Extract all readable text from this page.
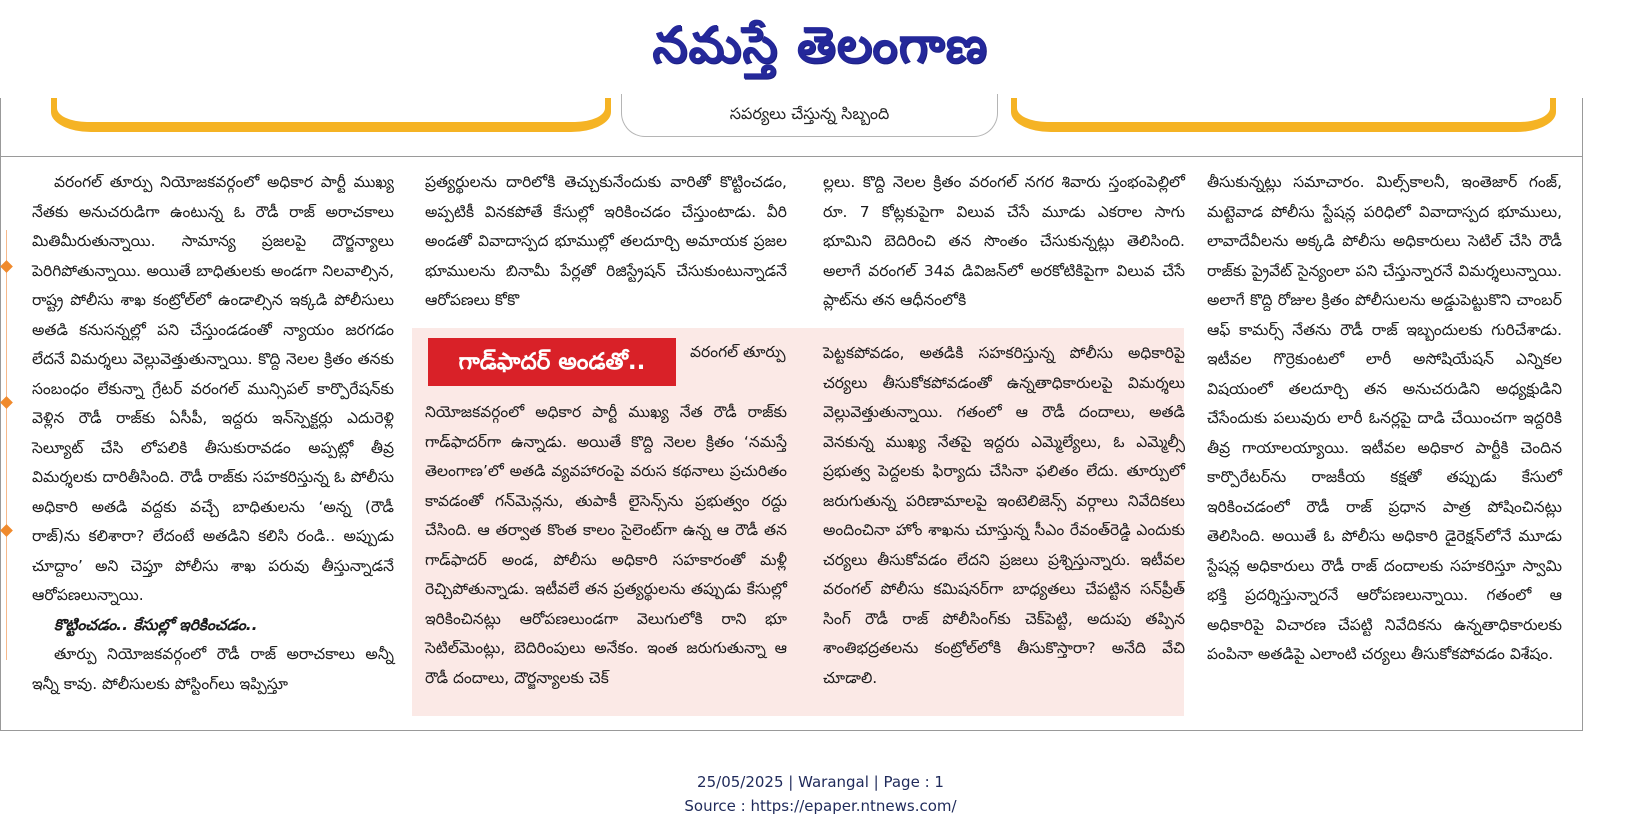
నమస్తే తెలంగాణ
సపర్యలు చేస్తున్న సిబ్బంది

వరంగల్ తూర్పు నియోజకవర్గంలో అధికార పార్టీ ముఖ్య నేతకు అనుచరుడిగా ఉంటున్న ఓ రౌడీ రాజ్ అరాచకాలు మితిమీరుతున్నాయి. సామాన్య ప్రజలపై దౌర్జన్యాలు పెరిగిపోతున్నాయి. అయితే బాధితులకు అండగా నిలవాల్సిన, రాష్ట్ర పోలీసు శాఖ కంట్రోల్‌లో ఉండాల్సిన ఇక్కడి పోలీసులు అతడి కనుసన్నల్లో పని చేస్తుండడంతో న్యాయం జరగడం లేదనే విమర్శలు వెల్లువెత్తుతున్నాయి. కొద్ది నెలల క్రితం తనకు సంబంధం లేకున్నా గ్రేటర్ వరంగల్ మున్సిపల్ కార్పొరేషన్‌కు వెళ్లిన రౌడీ రాజ్‌కు ఏసీపీ, ఇద్దరు ఇన్‌స్పెక్టర్లు ఎదురెళ్లి సెల్యూట్ చేసి లోపలికి తీసుకురావడం అప్పట్లో తీవ్ర విమర్శలకు దారితీసింది. రౌడీ రాజ్‌కు సహకరిస్తున్న ఓ పోలీసు అధికారి అతడి వద్దకు వచ్చే బాధితులను ‘అన్న (రౌడీ రాజ్)ను కలిశారా? లేదంటే అతడిని కలిసి రండి.. అప్పుడు చూద్దాం’ అని చెప్తూ పోలీసు శాఖ పరువు తీస్తున్నాడనే ఆరోపణలున్నాయి.

కొట్టించడం.. కేసుల్లో ఇరికించడం..

తూర్పు నియోజకవర్గంలో రౌడీ రాజ్ అరాచకాలు అన్నీ ఇన్నీ కావు. పోలీసులకు పోస్టింగ్‌లు ఇప్పిస్తూ

ప్రత్యర్థులను దారిలోకి తెచ్చుకునేందుకు వారితో కొట్టించడం, అప్పటికీ వినకపోతే కేసుల్లో ఇరికించడం చేస్తుంటాడు. వీరి అండతో వివాదాస్పద భూముల్లో తలదూర్చి అమాయక ప్రజల భూములను బినామీ పేర్లతో రిజిస్ట్రేషన్ చేసుకుంటున్నాడనే ఆరోపణలు కోకొ

ల్లలు. కొద్ది నెలల క్రితం వరంగల్ నగర శివారు స్తంభంపెల్లిలో రూ. 7 కోట్లకుపైగా విలువ చేసే మూడు ఎకరాల సాగు భూమిని బెదిరించి తన సొంతం చేసుకున్నట్లు తెలిసింది. అలాగే వరంగల్ 34వ డివిజన్‌లో అరకోటికిపైగా విలువ చేసే ప్లాట్‌ను తన ఆధీనంలోకి

తీసుకున్నట్లు సమాచారం. మిల్స్‌కాలనీ, ఇంతెజార్ గంజ్, మట్టెవాడ పోలీసు స్టేషన్ల పరిధిలో వివాదాస్పద భూములు, లావాదేవీలను అక్కడి పోలీసు అధికారులు సెటిల్ చేసి రౌడీ రాజ్‌కు ప్రైవేట్ సైన్యంలా పని చేస్తున్నారనే విమర్శలున్నాయి. అలాగే కొద్ది రోజుల క్రితం పోలీసులను అడ్డుపెట్టుకొని చాంబర్ ఆఫ్ కామర్స్ నేతను రౌడీ రాజ్ ఇబ్బందులకు గురిచేశాడు. ఇటీవల గొర్రెకుంటలో లారీ అసోషియేషన్ ఎన్నికల విషయంలో తలదూర్చి తన అనుచరుడిని అధ్యక్షుడిని చేసేందుకు పలువురు లారీ ఓనర్లపై దాడి చేయించగా ఇద్దరికి తీవ్ర గాయాలయ్యాయి. ఇటీవల అధికార పార్టీకి చెందిన కార్పొరేటర్‌ను రాజకీయ కక్షతో తప్పుడు కేసులో ఇరికించడంలో రౌడీ రాజ్ ప్రధాన పాత్ర పోషించినట్లు తెలిసింది. అయితే ఓ పోలీసు అధికారి డైరెక్షన్‌లోనే మూడు స్టేషన్ల అధికారులు రౌడీ రాజ్ దందాలకు సహకరిస్తూ స్వామి భక్తి ప్రదర్శిస్తున్నారనే ఆరోపణలున్నాయి. గతంలో ఆ అధికారిపై విచారణ చేపట్టి నివేదికను ఉన్నతాధికారులకు పంపినా అతడిపై ఎలాంటి చర్యలు తీసుకోకపోవడం విశేషం.

గాడ్‌ఫాదర్ అండతో..	వరంగల్ తూర్పు

నియోజకవర్గంలో అధికార పార్టీ ముఖ్య నేత రౌడీ రాజ్‌కు గాడ్‌ఫాదర్‌గా ఉన్నాడు. అయితే కొద్ది నెలల క్రితం ‘నమస్తే తెలంగాణ’లో అతడి వ్యవహారంపై వరుస కథనాలు ప్రచురితం కావడంతో గన్‌మెన్లను, తుపాకీ లైసెన్స్‌ను ప్రభుత్వం రద్దు చేసింది. ఆ తర్వాత కొంత కాలం సైలెంట్‌గా ఉన్న ఆ రౌడీ తన గాడ్‌ఫాదర్ అండ, పోలీసు అధికారి సహకారంతో మళ్లీ రెచ్చిపోతున్నాడు. ఇటీవలే తన ప్రత్యర్థులను తప్పుడు కేసుల్లో ఇరికించినట్లు ఆరోపణలుండగా వెలుగులోకి రాని భూ సెటిల్‌మెంట్లు, బెదిరింపులు అనేకం. ఇంత జరుగుతున్నా ఆ రౌడీ దందాలు, దౌర్జన్యాలకు చెక్

పెట్టకపోవడం, అతడికి సహకరిస్తున్న పోలీసు అధికారిపై చర్యలు తీసుకోకపోవడంతో ఉన్నతాధికారులపై విమర్శలు వెల్లువెత్తుతున్నాయి. గతంలో ఆ రౌడీ దందాలు, అతడి వెనకున్న ముఖ్య నేతపై ఇద్దరు ఎమ్మెల్యేలు, ఓ ఎమ్మెల్సీ ప్రభుత్వ పెద్దలకు ఫిర్యాదు చేసినా ఫలితం లేదు. తూర్పులో జరుగుతున్న పరిణామాలపై ఇంటెలిజెన్స్ వర్గాలు నివేదికలు అందించినా హోం శాఖను చూస్తున్న సీఎం రేవంత్‌రెడ్డి ఎందుకు చర్యలు తీసుకోవడం లేదని ప్రజలు ప్రశ్నిస్తున్నారు. ఇటీవల వరంగల్ పోలీసు కమిషనర్‌గా బాధ్యతలు చేపట్టిన సన్‌ప్రీత్ సింగ్ రౌడీ రాజ్ పోలీసింగ్‌కు చెక్‌పెట్టి, అదుపు తప్పిన శాంతిభద్రతలను కంట్రోల్‌లోకి తీసుకొస్తారా? అనేది వేచి చూడాలి.

25/05/2025 | Warangal | Page : 1
Source : https://epaper.ntnews.com/
